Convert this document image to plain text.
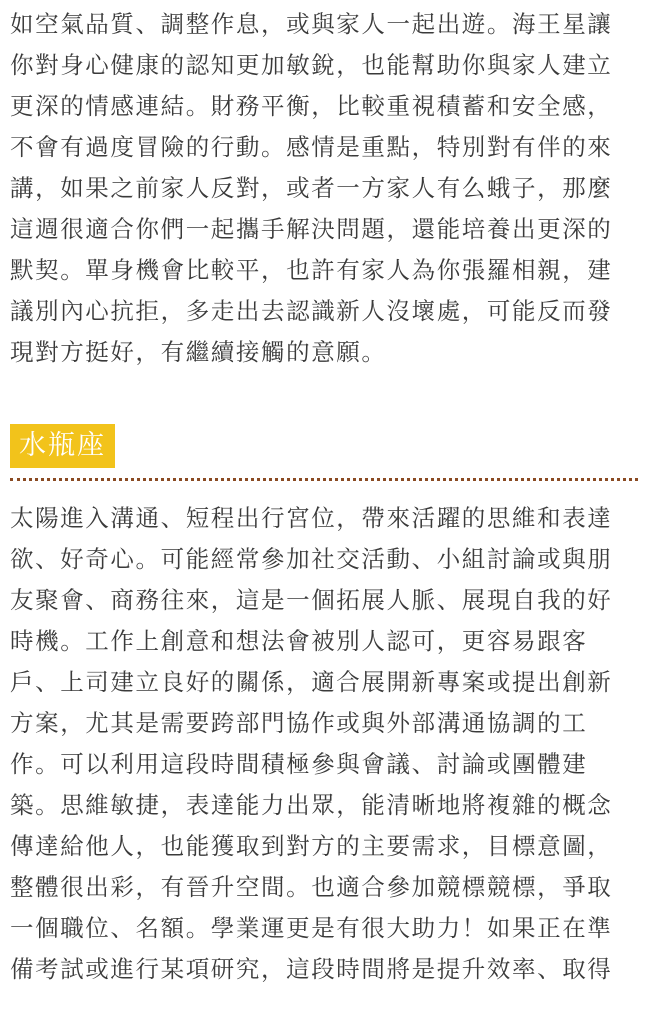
如空氣品質、調整作息，或與家人一起出遊。海王星讓
你對身心健康的認知更加敏銳，也能幫助你與家人建立
更深的情感連結。財務平衡，比較重視積蓄和安全感，
不會有過度冒險的行動。感情是重點，特別對有伴的來
講，如果之前家人反對，或者一方家人有么蛾子，那麼
這週很適合你們一起攜手解決問題，還能培養出更深的
默契。單身機會比較平，也許有家人為你張羅相親，建
議別內心抗拒，多走出去認識新人沒壞處，可能反而發
現對方挺好，有繼續接觸的意願。
水瓶座
太陽進入溝通、短程出行宮位，帶來活躍的思維和表達
欲、好奇心。可能經常參加社交活動、小組討論或與朋
友聚會、商務往來，這是一個拓展人脈、展現自我的好
時機。工作上創意和想法會被別人認可，更容易跟客
戶、上司建立良好的關係，適合展開新專案或提出創新
方案，尤其是需要跨部門協作或與外部溝通協調的工
作。可以利用這段時間積極參與會議、討論或團體建
築。思維敏捷，表達能力出眾，能清晰地將複雜的概念
傳達給他人，也能獲取到對方的主要需求，目標意圖，
整體很出彩，有晉升空間。也適合參加競標競標，爭取
一個職位、名額。學業運更是有很大助力！如果正在準
備考試或進行某項研究，這段時間將是提升效率、取得
